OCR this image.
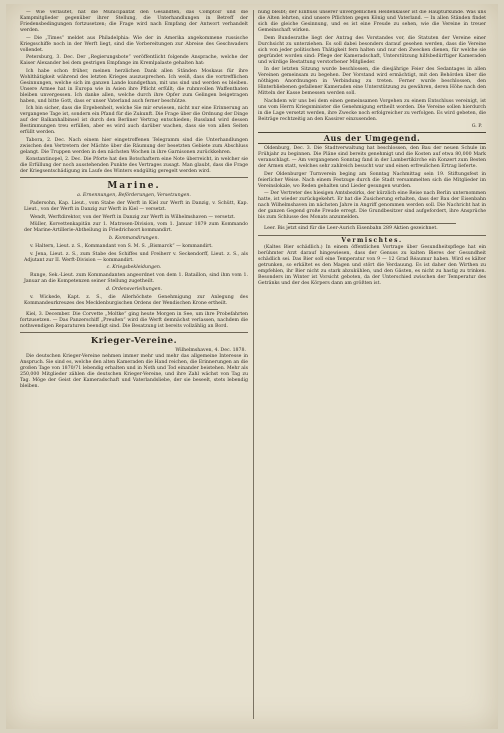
— Wie verlautet, hat die Municipalität den Gesandten, das Comptoir und die Kampmitglieder gegenüber ihrer Stellung, die Unterhandlungen in Betreff der Friedensbedingungen fortzusetzen; die Frage wird nach Empfang der Antwort verhandelt werden.

— Die „Times“ meldet aus Philadelphia: Wie der in Amerika angekommene russische Kriegsschiffe noch in der Werft liegt, sind die Vorbereitungen zur Abreise des Geschwaders vollendet.

Petersburg, 3. Dec. Der „Regierungsbote“ veröffentlicht folgende Ansprache, welche der Kaiser Alexander bei dem gestrigen Empfange im Kremlpalaste gehalten hat:

Ich habe schon früher, meinen herzlichen Dank allen Ständen Moskaus für ihre Wohlthätigkeit während des letzten Krieges auszusprechen. Ich weiß, dass die vortrefflichen Gesinnungen, welche sich im ganzen Lande kundgethan, mit uns sind und werden es bleiben. Unsere Armee hat in Europa wie in Asien ihre Pflicht erfüllt; die ruhmvollen Waffenthaten bleiben unvergessen. Ich danke allen, welche durch ihre Opfer zum Gelingen beigetragen haben, und bitte Gott, dass er unser Vaterland auch ferner beschütze.

Ich bin sicher, dass die Ergebenheit, welche Sie mir erwiesen, nicht nur eine Erinnerung an vergangene Tage ist, sondern ein Pfand für die Zukunft. Die Frage über die Ordnung der Dinge auf der Balkanhalbinsel ist durch den Berliner Vertrag entschieden; Russland wird dessen Bestimmungen treu erfüllen, aber es wird auch darüber wachen, dass sie von allen Seiten erfüllt werden.

Tabora, 2. Dec. Nach einem hier eingetroffenen Telegramm sind die Unterhandlungen zwischen den Vertretern der Mächte über die Räumung der besetzten Gebiete zum Abschluss gelangt. Die Truppen werden in den nächsten Wochen in ihre Garnisonen zurückkehren.

Konstantinopel, 2. Dec. Die Pforte hat den Botschaftern eine Note überreicht, in welcher sie die Erfüllung der noch ausstehenden Punkte des Vertrages zusagt. Man glaubt, dass die Frage der Kriegsentschädigung im Laufe des Winters endgültig geregelt werden wird.

Marine.
a. Ernennungen, Beförderungen, Versetzungen.

Padersohn, Kap. Lieut., vom Stabe der Werft in Kiel zur Werft in Danzig, v. Schütt, Kap. Lieut., von der Werft in Danzig zur Werft in Kiel — versetzt.

Wendt, Werftdirektor, von der Werft in Danzig zur Werft in Wilhelmshaven — versetzt.

Müller, Korvettenkapitän zur 1. Matrosen-Division, vom 1. Januar 1879 zum Kommando der Marine-Artillerie-Abtheilung in Friedrichsort kommandirt.

b. Kommandirungen.

v. Haltern, Lieut. z. S., Kommandant von S. M. S. „Bismarck“ — kommandirt.

v. Jena, Lieut. z. S., zum Stabe des Schiffes und Freiherr v. Seckendorff, Lieut. z. S., als Adjutant zur II. Werft-Division — kommandirt.

c. Kriegsbekleidungen.

Runge, Sek.-Lieut. zum Kommandanten angeordnet von dem 1. Bataillon, sind ihm vom 1. Januar an die Kompetenzen seiner Stellung zugetheilt.

d. Ordensverleihungen.

v. Wickede, Kapt. z. S., die Allerhöchste Genehmigung zur Anlegung des Kommandeurkreuzes des Mecklenburgischen Ordens der Wendischen Krone ertheilt.

Kiel, 3. December. Die Corvette „Moltke“ ging heute Morgen in See, um ihre Probefahrten fortzusetzen. — Das Panzerschiff „Preußen“ wird die Werft demnächst verlassen, nachdem die nothwendigen Reparaturen beendigt sind. Die Besatzung ist bereits vollzählig an Bord.

Krieger-Vereine.
Wilhelmshaven, 4. Dec. 1878.

Die deutschen Krieger-Vereine nehmen immer mehr und mehr das allgemeine Interesse in Anspruch. Sie sind es, welche den alten Kameraden die Hand reichen, die Erinnerungen an die großen Tage von 1870/71 lebendig erhalten und in Noth und Tod einander beistehen. Mehr als 250,000 Mitglieder zählen die deutschen Krieger-Vereine, und ihre Zahl wächst von Tag zu Tag. Möge der Geist der Kameradschaft und Vaterlandsliebe, der sie beseelt, stets lebendig bleiben.

nung bleibt; der Einfluss unserer unvergeßlichen Heldenkaiser ist die Haupturkunde. Was uns die Alten lehrten, sind unsere Pflichten gegen König und Vaterland. — In allen Ständen findet sich die gleiche Gesinnung, und es ist eine Freude zu sehen, wie die Vereine in treuer Gemeinschaft wirken.

Dem Bundesrathe liegt der Antrag des Vorstandes vor, die Statuten der Vereine einer Durchsicht zu unterziehen. Es soll dabei besonders darauf gesehen werden, dass die Vereine sich von jeder politischen Thätigkeit fern halten und nur den Zwecken dienen, für welche sie gegründet worden sind: Pflege der Kameradschaft, Unterstützung hilfsbedürftiger Kameraden und würdige Bestattung verstorbener Mitglieder.

In der letzten Sitzung wurde beschlossen, die diesjährige Feier des Sedantages in allen Vereinen gemeinsam zu begehen. Der Vorstand wird ermächtigt, mit den Behörden über die nöthigen Anordnungen in Verbindung zu treten. Ferner wurde beschlossen, den Hinterbliebenen gefallener Kameraden eine Unterstützung zu gewähren, deren Höhe nach den Mitteln der Kasse bemessen werden soll.

Nachdem wir uns bei dem einen gemeinsamen Vorgehen zu einem Entschluss vereinigt, ist uns vom Herrn Kriegsminister die Genehmigung ertheilt worden. Die Vereine sollen hierdurch in die Lage versetzt werden, ihre Zwecke noch erfolgreicher zu verfolgen. Es wird gebeten, die Beiträge rechtzeitig an den Kassirer einzusenden.

G. P.
Aus der Umgegend.

Oldenburg, Dec. 3. Die Stadtverwaltung hat beschlossen, den Bau der neuen Schule im Frühjahr zu beginnen. Die Pläne sind bereits genehmigt und die Kosten auf etwa 80,000 Mark veranschlagt. — Am vergangenen Sonntag fand in der Lambertikirche ein Konzert zum Besten der Armen statt, welches sehr zahlreich besucht war und einen erfreulichen Ertrag lieferte.

Der Oldenburger Turnverein beging am Sonntag Nachmittag sein 19. Stiftungsfest in feierlicher Weise. Nach einem Festzuge durch die Stadt versammelten sich die Mitglieder im Vereinslokale, wo Reden gehalten und Lieder gesungen wurden.

— Der Vertreter des hiesigen Amtsbezirks, der kürzlich eine Reise nach Berlin unternommen hatte, ist wieder zurückgekehrt. Er hat die Zusicherung erhalten, dass der Bau der Eisenbahn nach Wilhelmshaven im nächsten Jahre in Angriff genommen werden soll. Die Nachricht hat in der ganzen Gegend große Freude erregt. Die Grundbesitzer sind aufgefordert, ihre Ansprüche bis zum Schlusse des Monats anzumelden.

Leer. Bis jetzt sind für die Leer-Aurich Eisenbahn 289 Aktien gezeichnet.

Vermischtes.

(Kaltes Bier schädlich.) In einem öffentlichen Vortrage über Gesundheitspflege hat ein berühmter Arzt darauf hingewiesen, dass der Genuss zu kalten Bieres der Gesundheit schädlich sei. Das Bier soll eine Temperatur von 9 — 12 Grad Réaumur haben. Wird es kälter getrunken, so erkältet es den Magen und stört die Verdauung. Es ist daher den Wirthen zu empfehlen, ihr Bier nicht zu stark abzukühlen, und den Gästen, es nicht zu hastig zu trinken. Besonders im Winter ist Vorsicht geboten, da der Unterschied zwischen der Temperatur des Getränks und der des Körpers dann am größten ist.
